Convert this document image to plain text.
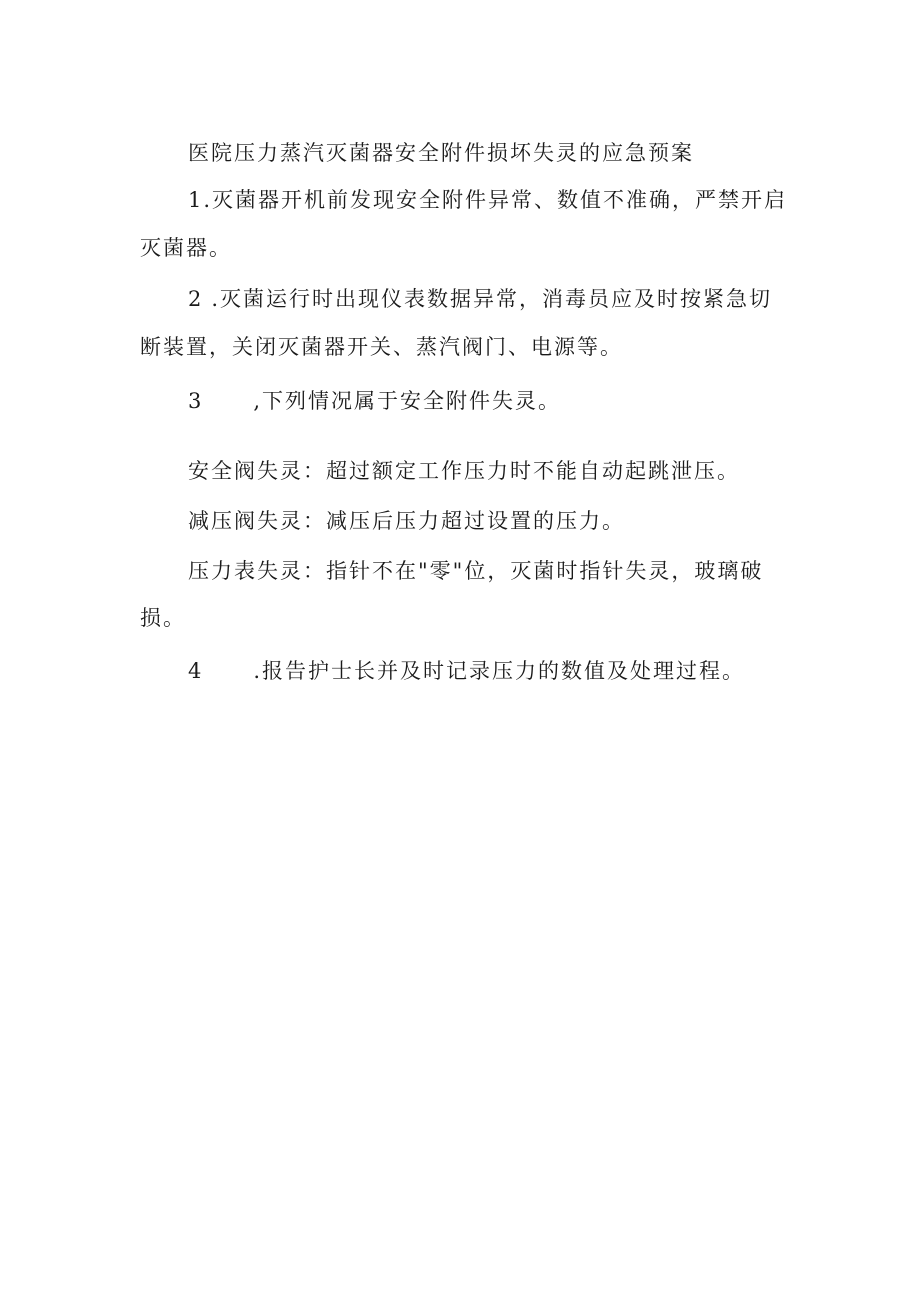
医院压力蒸汽灭菌器安全附件损坏失灵的应急预案
1.灭菌器开机前发现安全附件异常、数值不准确，严禁开启
灭菌器。
2 .灭菌运行时出现仪表数据异常，消毒员应及时按紧急切
断装置，关闭灭菌器开关、蒸汽阀门、电源等。
3 ,下列情况属于安全附件失灵。
安全阀失灵：超过额定工作压力时不能自动起跳泄压。
减压阀失灵：减压后压力超过设置的压力。
压力表失灵：指针不在"零"位，灭菌时指针失灵，玻璃破
损。
4 .报告护士长并及时记录压力的数值及处理过程。
